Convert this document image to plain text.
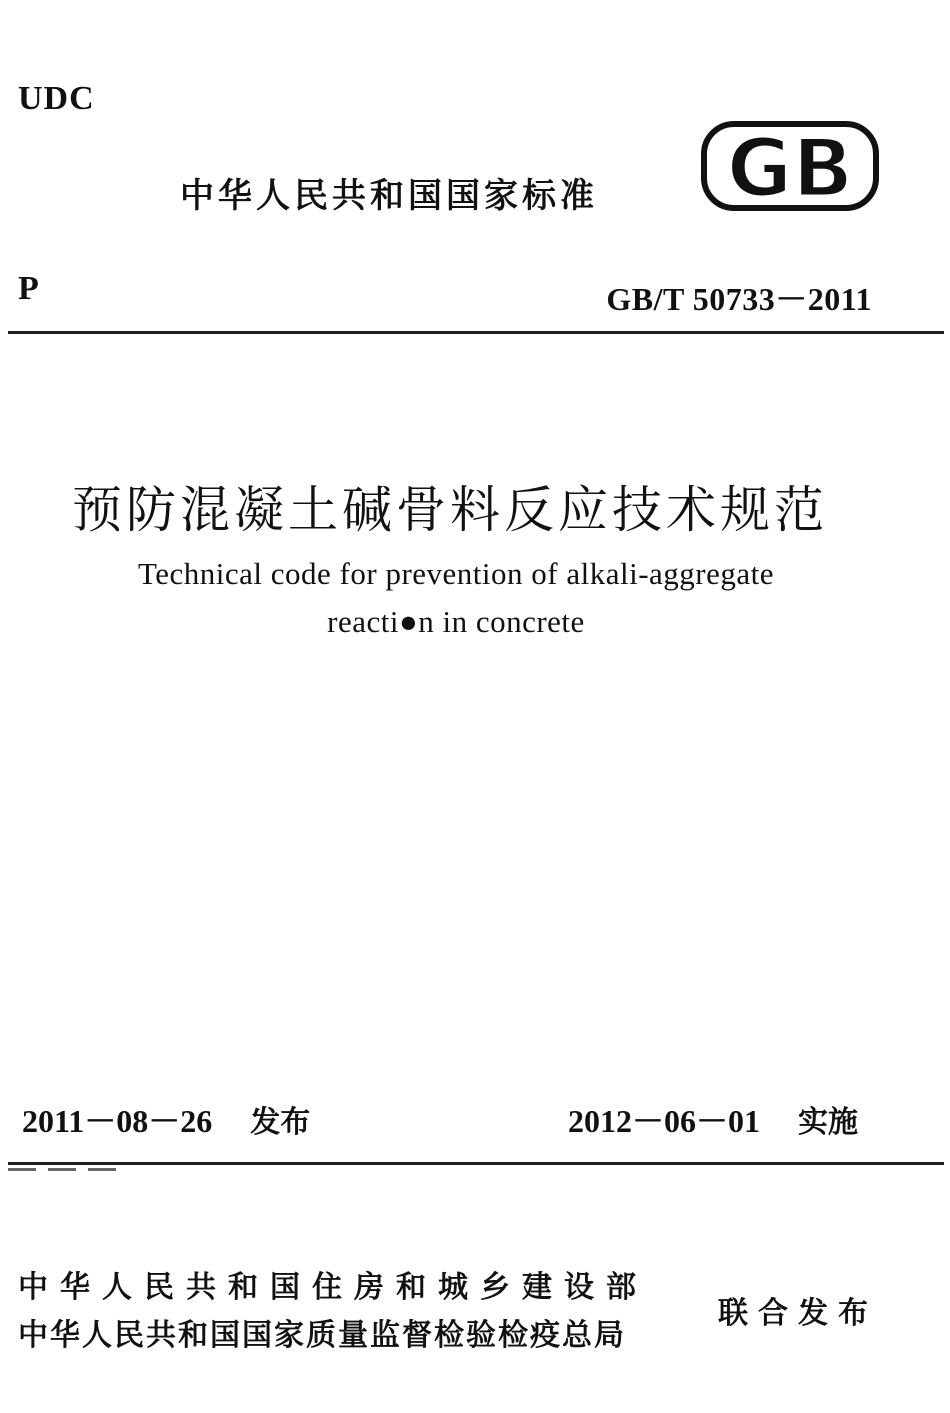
UDC
中华人民共和国国家标准 GB
P	GB/T 50733－2011
预防混凝土碱骨料反应技术规范
Technical code for prevention of alkali-aggregate
reacti●n in concrete
2011－08－26 发布	2012－06－01 实施
中华人民共和国住房和城乡建设部
中华人民共和国国家质量监督检验检疫总局
联合发布
